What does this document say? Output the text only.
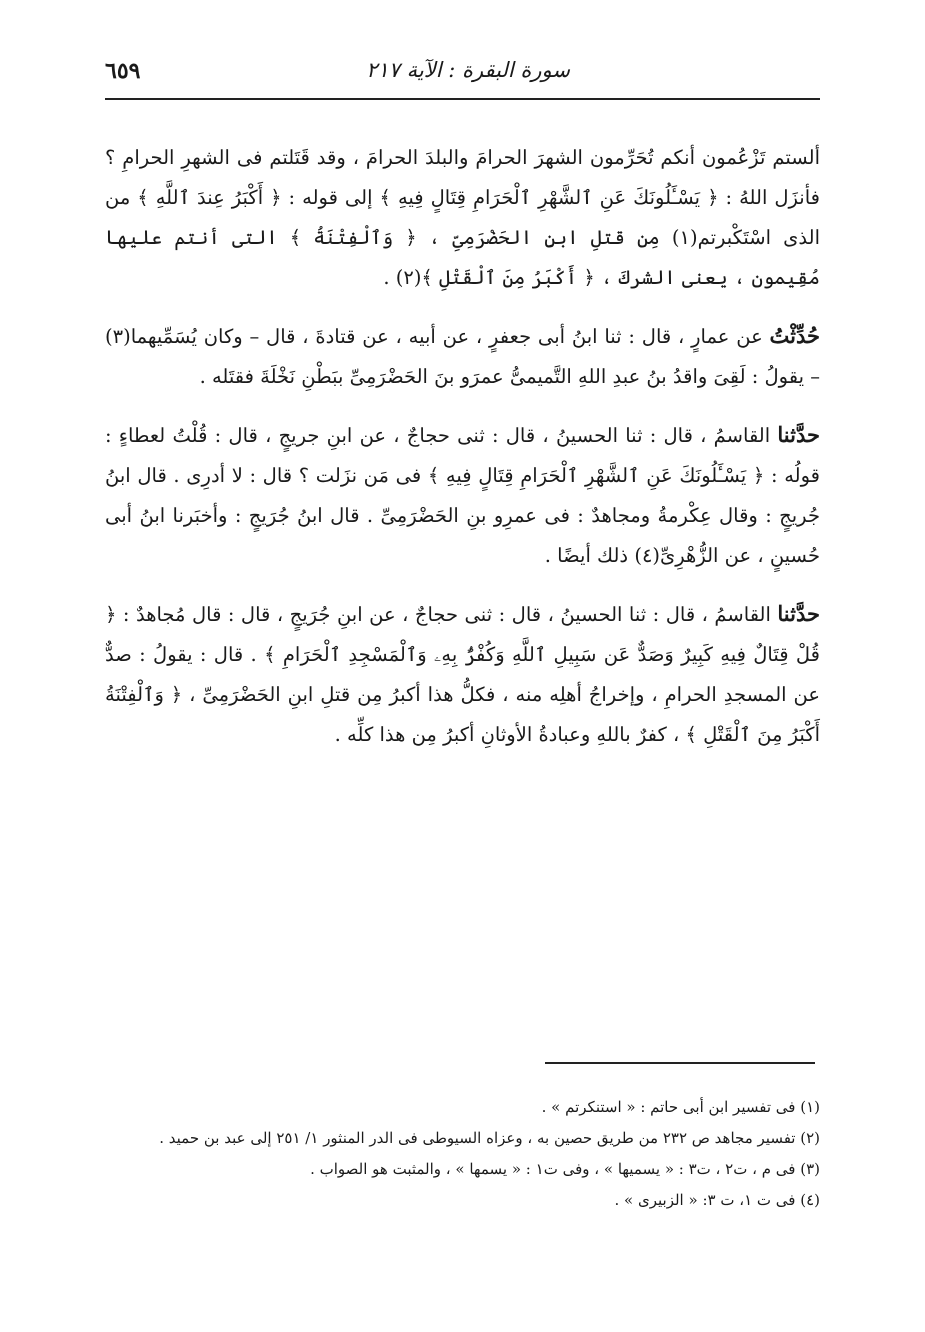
٦٥٩	سورة البقرة : الآية ٢١٧

ألستم تَزْعُمون أنكم تُحَرِّمون الشهرَ الحرامَ والبلدَ الحرامَ ، وقد قَتَلتم فى الشهرِ الحرامِ ؟ فأنزَل اللهُ : ﴿ يَسْـَٔلُونَكَ عَنِ ٱلشَّهْرِ ٱلْحَرَامِ قِتَالٍ فِيهِ ﴾ إلى قوله : ﴿ أَكْبَرُ عِندَ ٱللَّهِ ﴾ من الذى اسْتَكْبرتم(١) مِن قتلِ ابنِ الحَضْرَمِىِّ ، ﴿ وَٱلْفِتْنَةُ ﴾ التى أنتم عليها مُقِيمون ، يعنى الشركَ ، ﴿ أَكْبَرُ مِنَ ٱلْقَتْلِ ﴾(٢) .

حُدِّثْتُ عن عمارٍ ، قال : ثنا ابنُ أبى جعفرٍ ، عن أبيه ، عن قتادةَ ، قال – وكان يُسَمِّيهما(٣) – يقولُ : لَقِىَ واقدُ بنُ عبدِ اللهِ التَّميمىُّ عمرَو بنَ الحَضْرَمِىِّ ببَطْنِ نَخْلَةَ فقتَله .

حدَّثنا القاسمُ ، قال : ثنا الحسينُ ، قال : ثنى حجاجٌ ، عن ابنِ جريجٍ ، قال : قُلْتُ لعطاءٍ : قولُه : ﴿ يَسْـَٔلُونَكَ عَنِ ٱلشَّهْرِ ٱلْحَرَامِ قِتَالٍ فِيهِ ﴾ فى مَن نزَلت ؟ قال : لا أدرِى . قال ابنُ جُريجٍ : وقال عِكْرمةُ ومجاهدٌ : فى عمرِو بنِ الحَضْرَمِىِّ . قال ابنُ جُرَيجٍ : وأخبَرنا ابنُ أبى حُسينٍ ، عن الزُّهْرِىِّ(٤) ذلك أيضًا .

حدَّثنا القاسمُ ، قال : ثنا الحسينُ ، قال : ثنى حجاجٌ ، عن ابنِ جُرَيجٍ ، قال : قال مُجاهدٌ : ﴿ قُلْ قِتَالٌ فِيهِ كَبِيرٌ وَصَدٌّ عَن سَبِيلِ ٱللَّهِ وَكُفْرٌۢ بِهِۦ وَٱلْمَسْجِدِ ٱلْحَرَامِ ﴾ . قال : يقولُ : صدٌّ عن المسجدِ الحرامِ ، وإخراجُ أهلِه منه ، فكلُّ هذا أكبرُ مِن قتلِ ابنِ الحَضْرَمِىِّ ، ﴿ وَٱلْفِتْنَةُ أَكْبَرُ مِنَ ٱلْقَتْلِ ﴾ ، كفرٌ باللهِ وعبادةُ الأوثانِ أكبرُ مِن هذا كلِّه .

(١) فى تفسير ابن أبى حاتم : « استنكرتم » .
(٢) تفسير مجاهد ص ٢٣٢ من طريق حصين به ، وعزاه السيوطى فى الدر المنثور ١/ ٢٥١ إلى عبد بن حميد .
(٣) فى م ، ت٢ ، ت٣ : « يسميها » ، وفى ت١ : « يسمها » ، والمثبت هو الصواب .
(٤) فى ت ١، ت ٣: « الزبيرى » .
